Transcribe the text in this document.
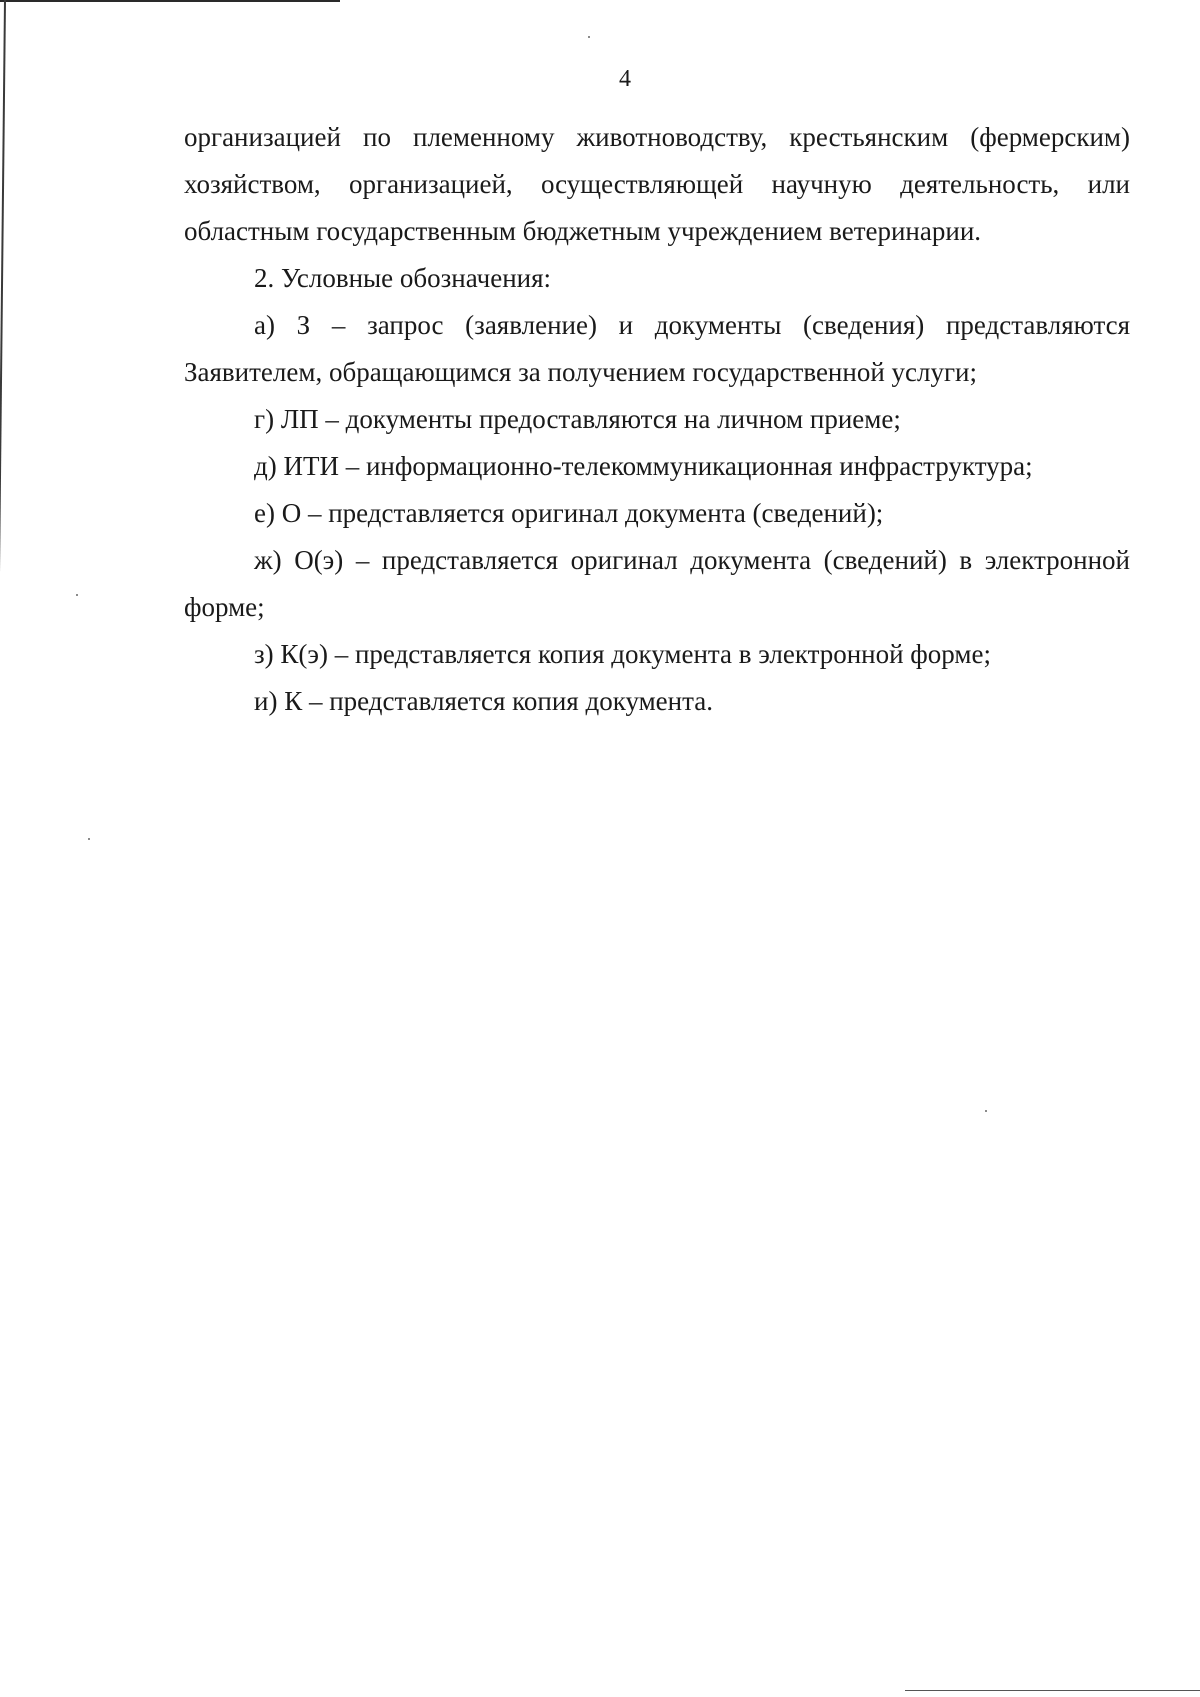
4

организацией по племенному животноводству, крестьянским (фермерским) хозяйством, организацией, осуществляющей научную деятельность, или областным государственным бюджетным учреждением ветеринарии.

2. Условные обозначения:

а) З – запрос (заявление) и документы (сведения) представляются Заявителем, обращающимся за получением государственной услуги;

г) ЛП – документы предоставляются на личном приеме;

д) ИТИ – информационно-телекоммуникационная инфраструктура;

е) О – представляется оригинал документа (сведений);

ж) О(э) – представляется оригинал документа (сведений) в электронной форме;

з) К(э) – представляется копия документа в электронной форме;

и) К – представляется копия документа.
